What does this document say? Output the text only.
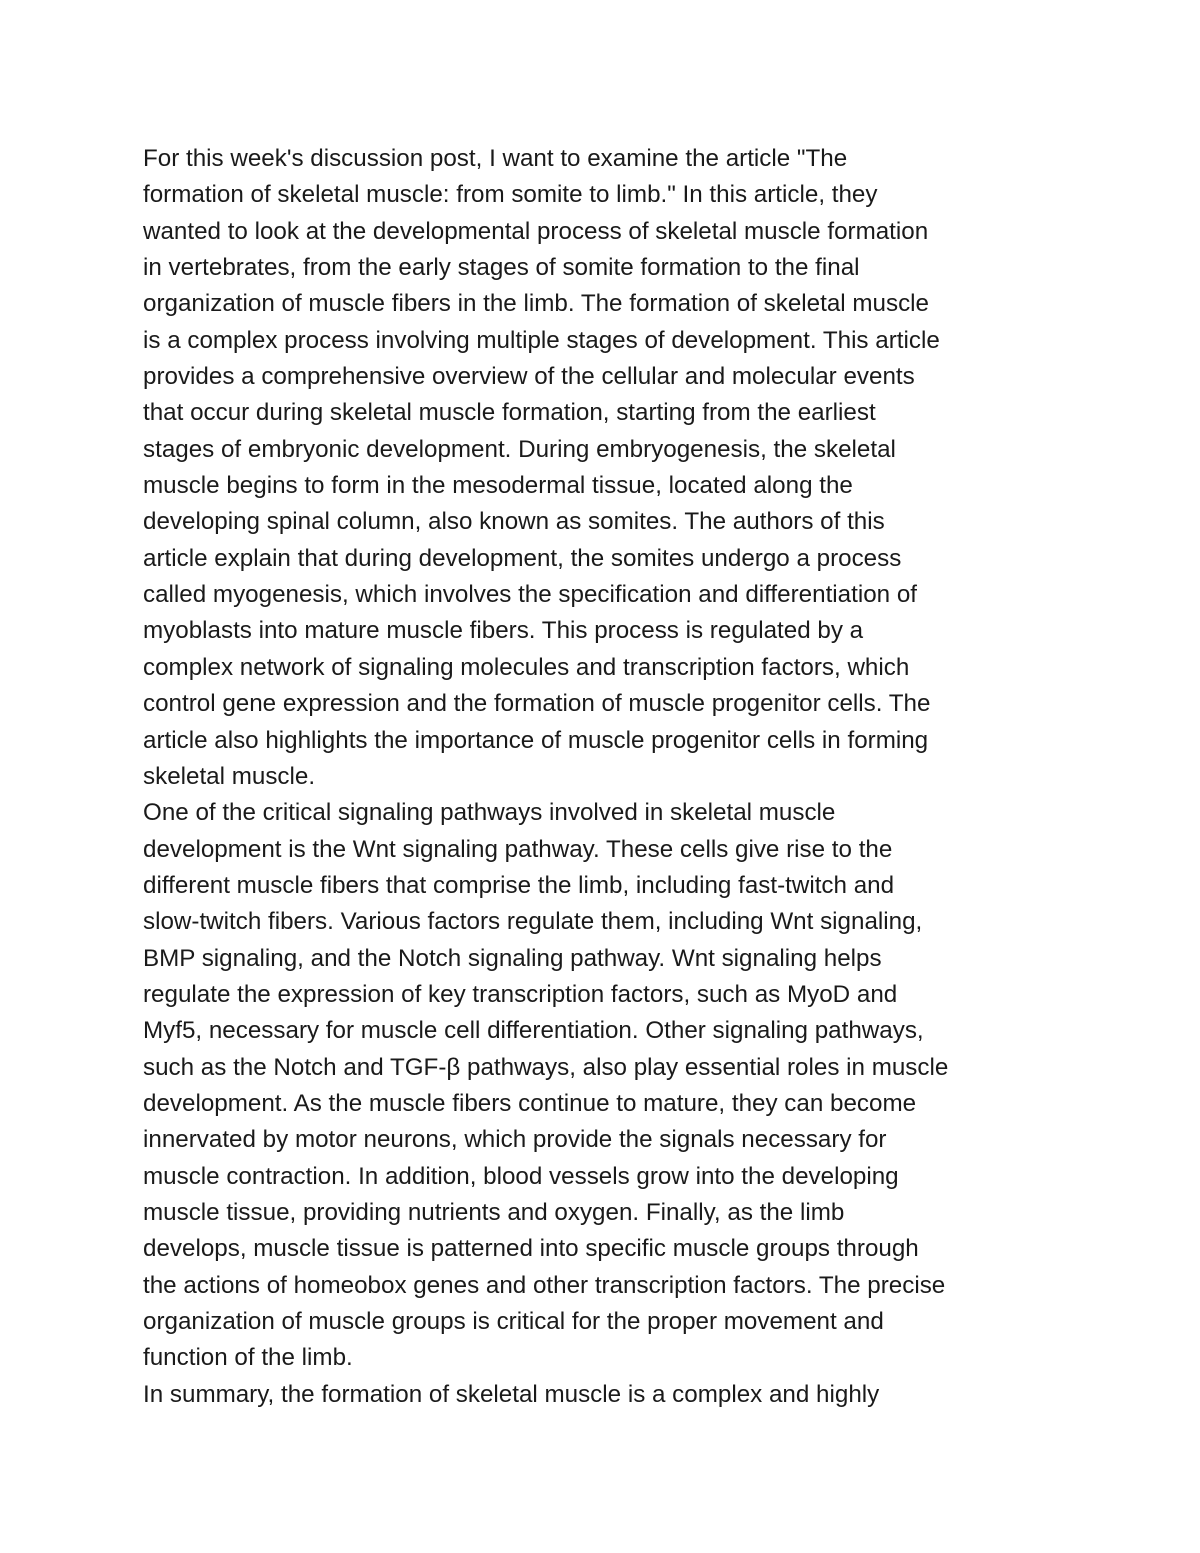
For this week's discussion post, I want to examine the article "The
formation of skeletal muscle: from somite to limb." In this article, they
wanted to look at the developmental process of skeletal muscle formation
in vertebrates, from the early stages of somite formation to the final
organization of muscle fibers in the limb. The formation of skeletal muscle
is a complex process involving multiple stages of development. This article
provides a comprehensive overview of the cellular and molecular events
that occur during skeletal muscle formation, starting from the earliest
stages of embryonic development. During embryogenesis, the skeletal
muscle begins to form in the mesodermal tissue, located along the
developing spinal column, also known as somites. The authors of this
article explain that during development, the somites undergo a process
called myogenesis, which involves the specification and differentiation of
myoblasts into mature muscle fibers. This process is regulated by a
complex network of signaling molecules and transcription factors, which
control gene expression and the formation of muscle progenitor cells. The
article also highlights the importance of muscle progenitor cells in forming
skeletal muscle.
One of the critical signaling pathways involved in skeletal muscle
development is the Wnt signaling pathway. These cells give rise to the
different muscle fibers that comprise the limb, including fast-twitch and
slow-twitch fibers. Various factors regulate them, including Wnt signaling,
BMP signaling, and the Notch signaling pathway. Wnt signaling helps
regulate the expression of key transcription factors, such as MyoD and
Myf5, necessary for muscle cell differentiation. Other signaling pathways,
such as the Notch and TGF-β pathways, also play essential roles in muscle
development. As the muscle fibers continue to mature, they can become
innervated by motor neurons, which provide the signals necessary for
muscle contraction. In addition, blood vessels grow into the developing
muscle tissue, providing nutrients and oxygen. Finally, as the limb
develops, muscle tissue is patterned into specific muscle groups through
the actions of homeobox genes and other transcription factors. The precise
organization of muscle groups is critical for the proper movement and
function of the limb.
In summary, the formation of skeletal muscle is a complex and highly
